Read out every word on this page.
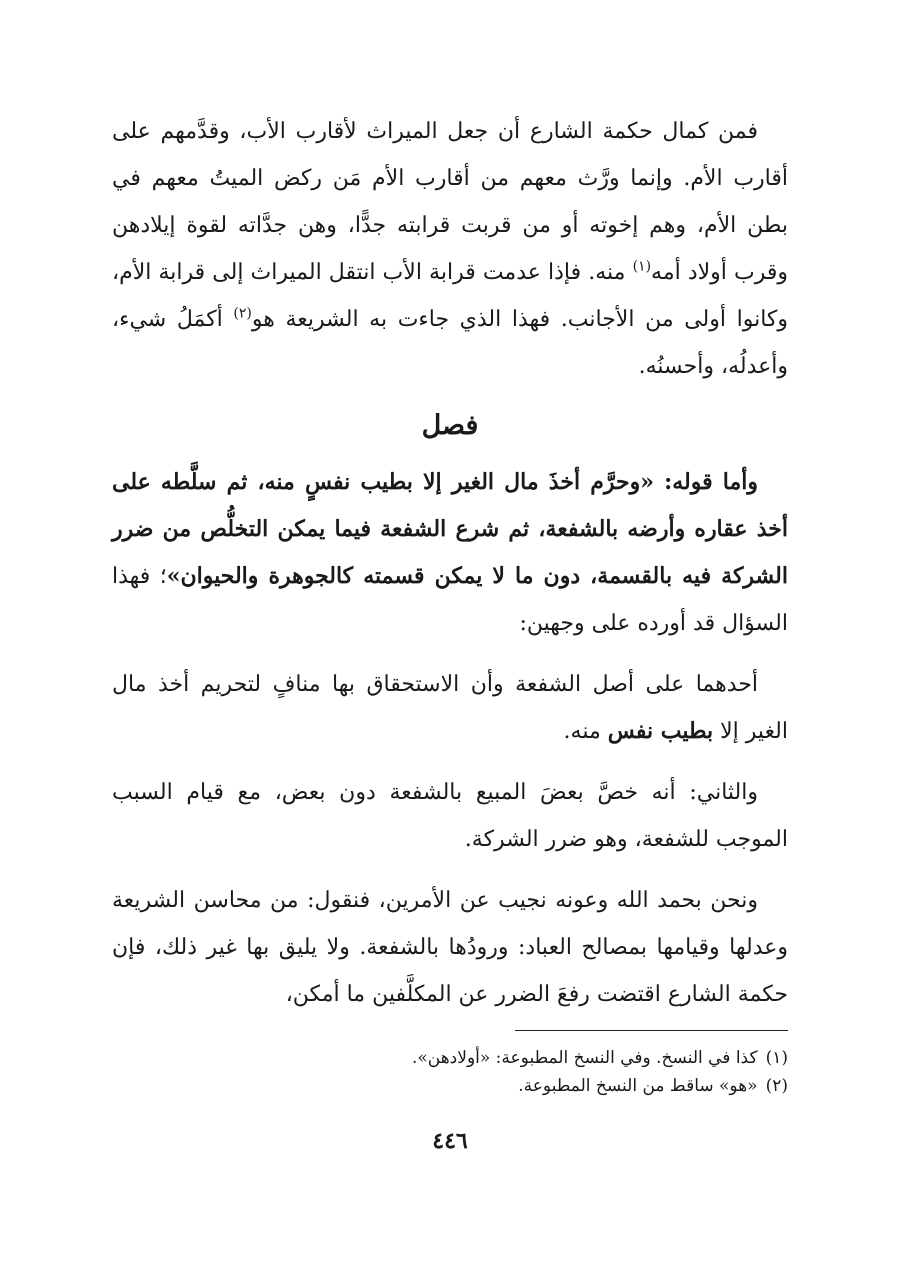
فمن كمال حكمة الشارع أن جعل الميراث لأقارب الأب، وقدَّمهم على أقارب الأم. وإنما ورَّث معهم من أقارب الأم مَن ركض الميتُ معهم في بطن الأم، وهم إخوته أو من قربت قرابته جدًّا، وهن جدَّاته لقوة إيلادهن وقرب أولاد أمه$^{(١)}$ منه. فإذا عدمت قرابة الأب انتقل الميراث إلى قرابة الأم، وكانوا أولى من الأجانب. فهذا الذي جاءت به الشريعة هو$^{(٢)}$ أكمَلُ شيء، وأعدلُه، وأحسنُه.

فصل

وأما قوله: «وحرَّم أخذَ مال الغير إلا بطيب نفسٍ منه، ثم سلَّطه على أخذ عقاره وأرضه بالشفعة، ثم شرع الشفعة فيما يمكن التخلُّص من ضرر الشركة فيه بالقسمة، دون ما لا يمكن قسمته كالجوهرة والحيوان»؛ فهذا السؤال قد أورده على وجهين:

أحدهما على أصل الشفعة وأن الاستحقاق بها منافٍ لتحريم أخذ مال الغير إلا بطيب نفس منه.

والثاني: أنه خصَّ بعضَ المبيع بالشفعة دون بعض، مع قيام السبب الموجب للشفعة، وهو ضرر الشركة.

ونحن بحمد الله وعونه نجيب عن الأمرين، فنقول: من محاسن الشريعة وعدلها وقيامها بمصالح العباد: ورودُها بالشفعة. ولا يليق بها غير ذلك، فإن حكمة الشارع اقتضت رفعَ الضرر عن المكلَّفين ما أمكن،

(١)كذا في النسخ. وفي النسخ المطبوعة: «أولادهن».

(٢)«هو» ساقط من النسخ المطبوعة.

٤٤٦
